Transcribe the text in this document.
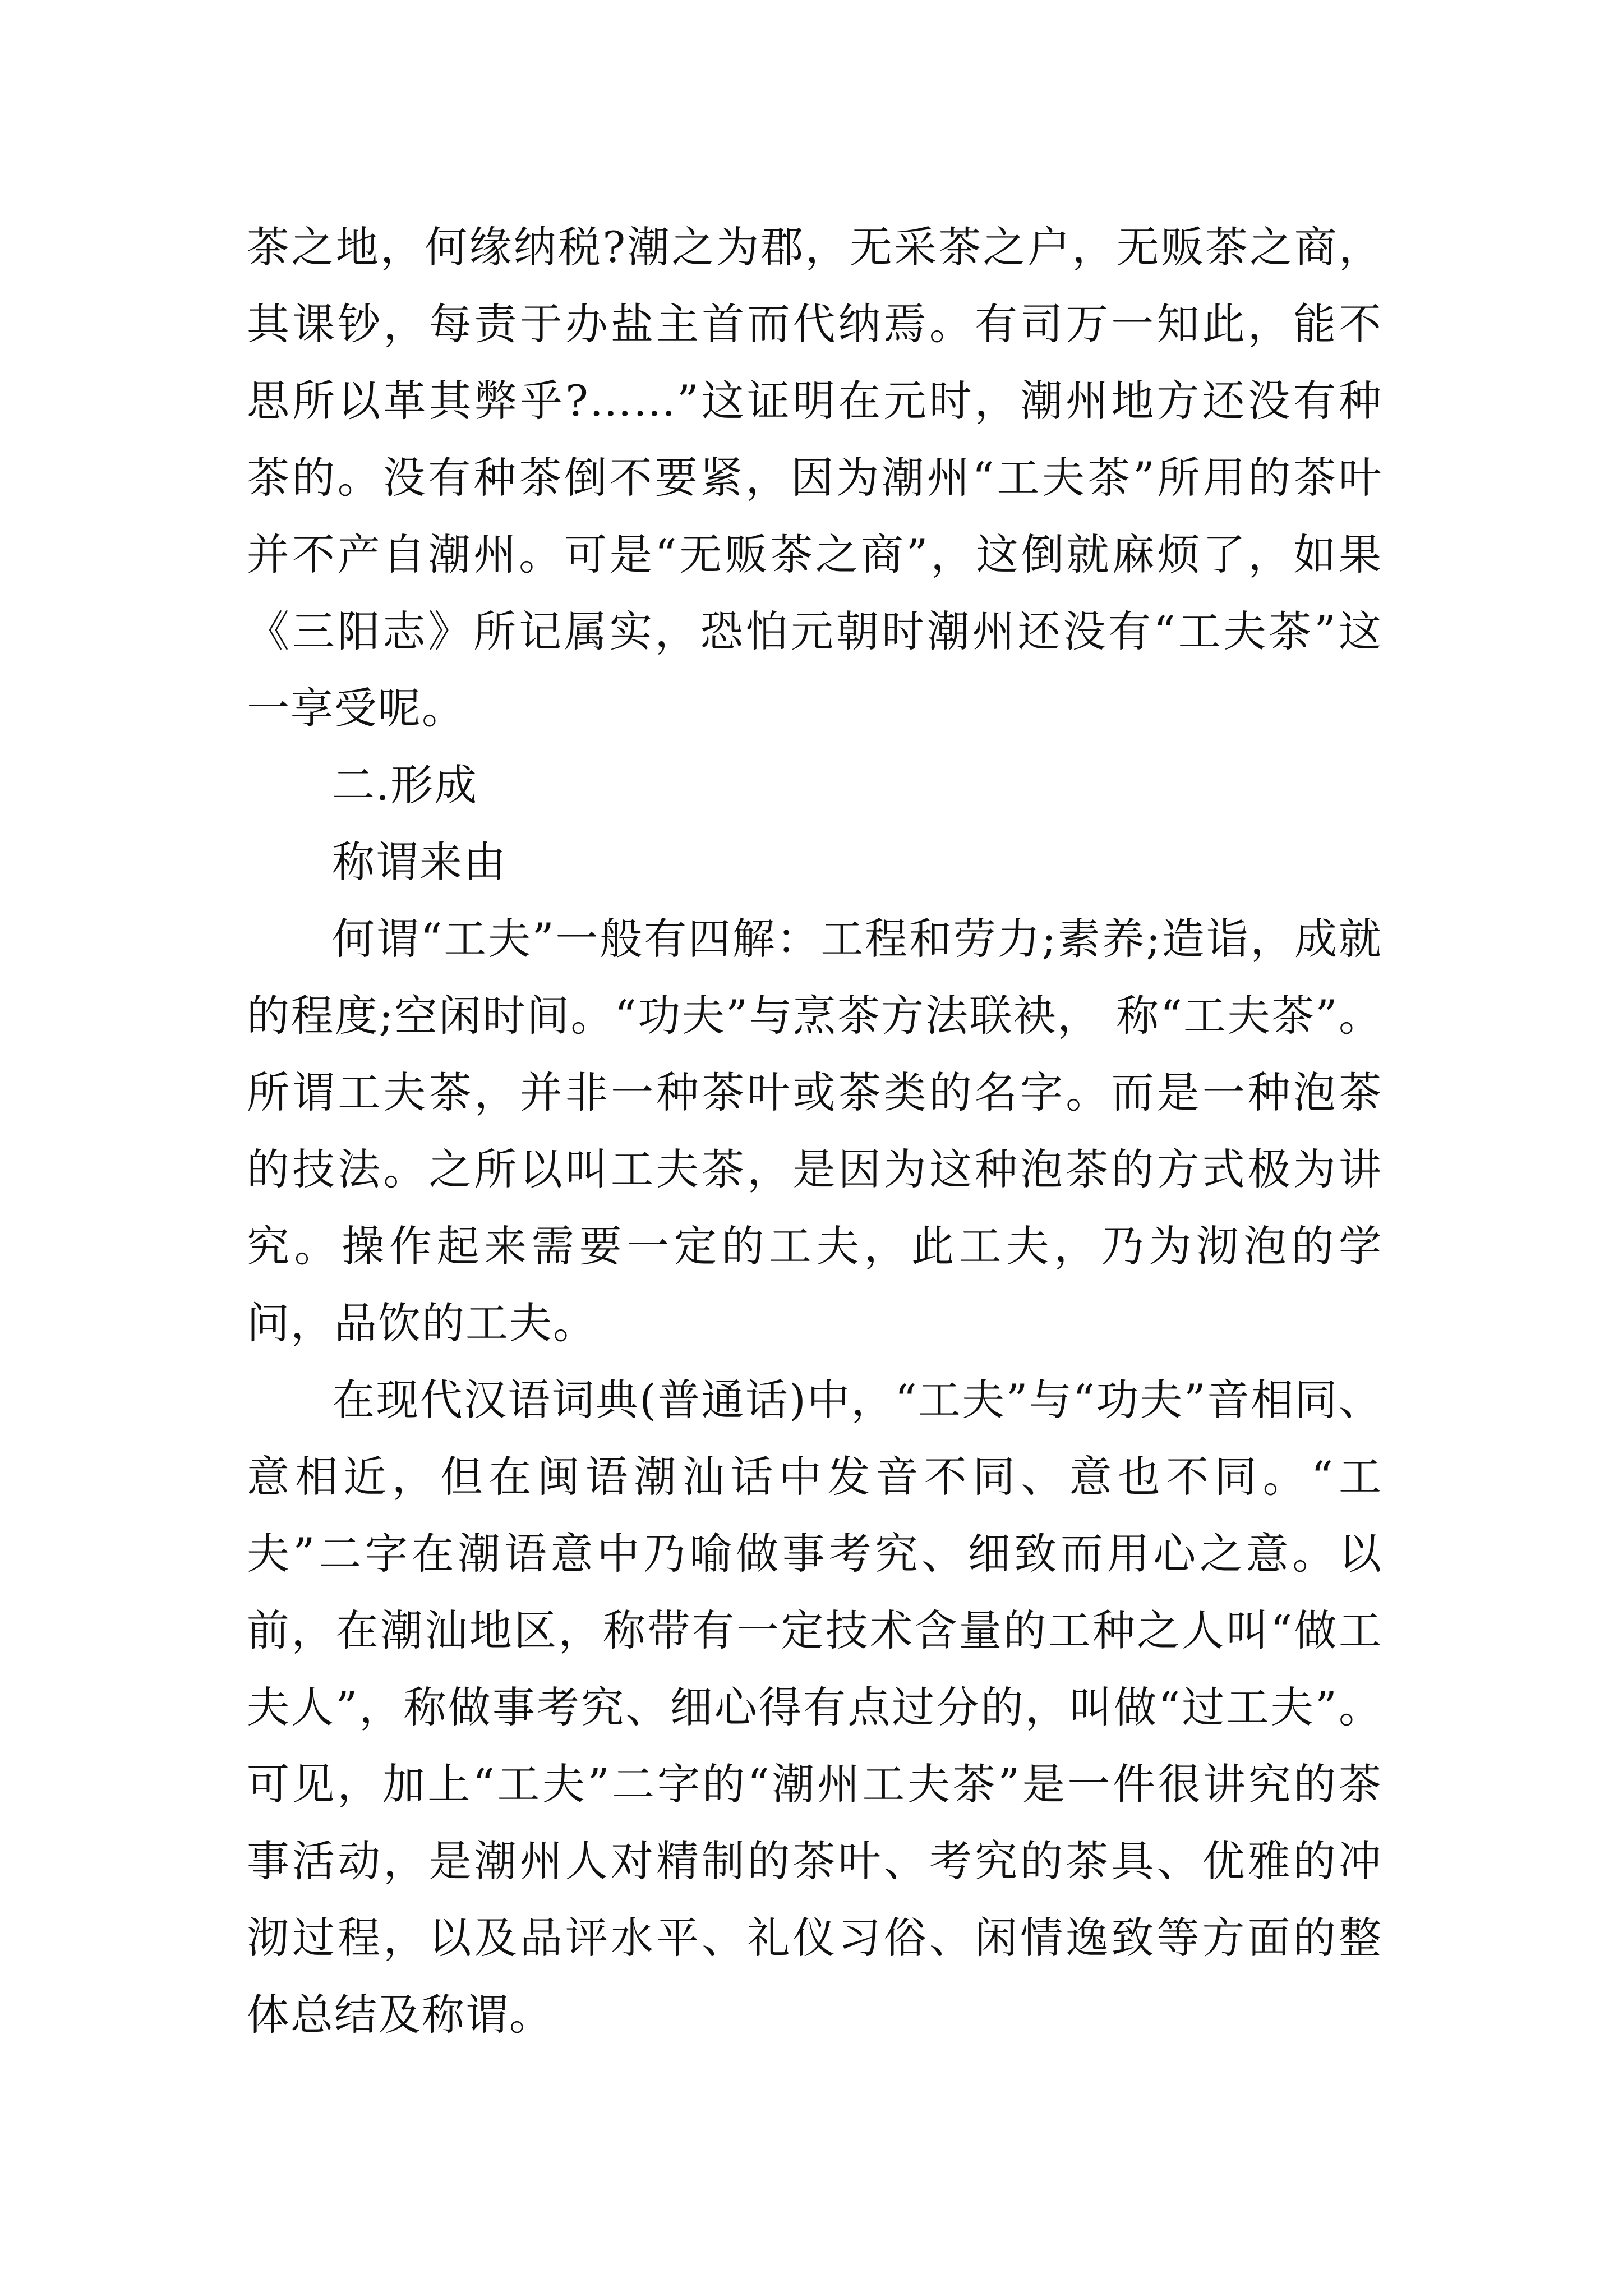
茶之地，何缘纳税?潮之为郡，无采茶之户，无贩茶之商，其课钞，每责于办盐主首而代纳焉。有司万一知此，能不思所以革其弊乎?……”这证明在元时，潮州地方还没有种茶的。没有种茶倒不要紧，因为潮州“工夫茶”所用的茶叶并不产自潮州。可是“无贩茶之商”，这倒就麻烦了，如果《三阳志》所记属实，恐怕元朝时潮州还没有“工夫茶”这一享受呢。

二.形成

称谓来由

何谓“工夫”一般有四解：工程和劳力;素养;造诣，成就的程度;空闲时间。“功夫”与烹茶方法联袂， 称“工夫茶”。所谓工夫茶，并非一种茶叶或茶类的名字。而是一种泡茶的技法。之所以叫工夫茶，是因为这种泡茶的方式极为讲究。操作起来需要一定的工夫，此工夫，乃为沏泡的学问，品饮的工夫。

在现代汉语词典(普通话)中，“工夫”与“功夫”音相同、意相近，但在闽语潮汕话中发音不同、意也不同。“工夫”二字在潮语意中乃喻做事考究、细致而用心之意。以前，在潮汕地区，称带有一定技术含量的工种之人叫“做工夫人”，称做事考究、细心得有点过分的，叫做“过工夫”。可见，加上“工夫”二字的“潮州工夫茶”是一件很讲究的茶事活动，是潮州人对精制的茶叶、考究的茶具、优雅的冲沏过程，以及品评水平、礼仪习俗、闲情逸致等方面的整体总结及称谓。
